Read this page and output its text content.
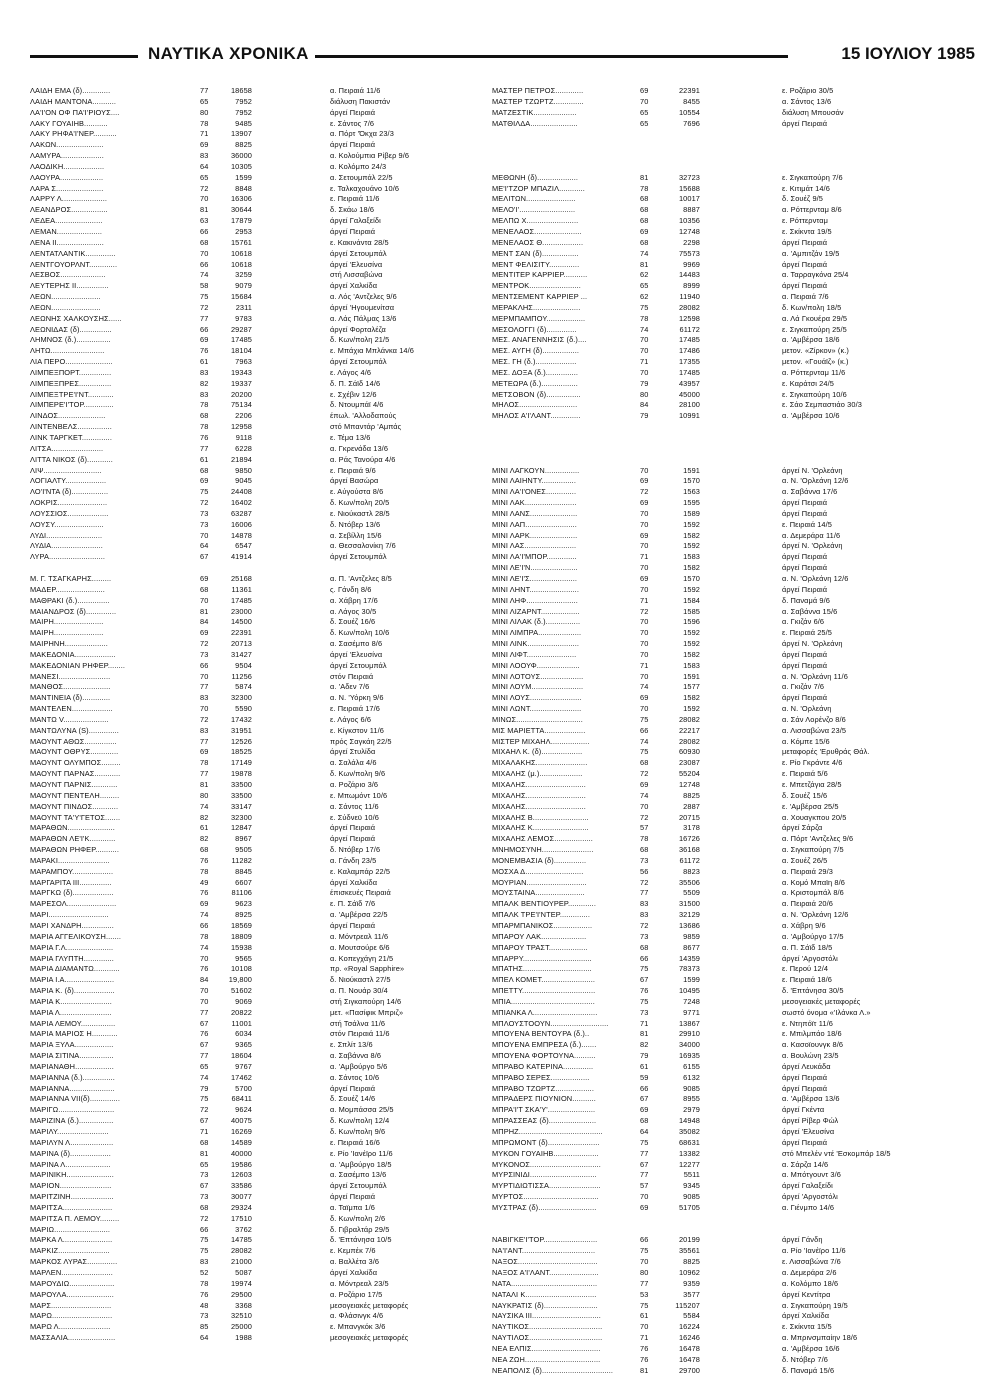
ΝΑΥΤΙΚΑ ΧΡΟΝΙΚΑ	15 ΙΟΥΛΙΟΥ 1985
ΛΑΙΔΗ ΕΜΑ (δ).............	77	18658	α. Πειραιά 11/6
ΛΑΙΔΗ ΜΑΝΤΟΝΑ...........	65	7952	διάλυση Πακιστάν
ΛΑ'Ι'ΟΝ ΟΦ ΠΑ'Ι'ΡΙΟΥΣ....	80	7952	άργεί Πειραιά
ΛΑΚΥ ΓΟΥΑΙΗΒ...........	78	9485	ε. Σάντος 7/6
ΛΑΚΥ ΡΗΦΑ'Ι'ΝΕΡ...........	71	13907	α. Πόρτ 'Όκχα 23/3
ΛΑΚΩΝ......................	69	8825	άργεί Πειραιά
ΛΑΜΥΡΑ....................	83	36000	α. Κολούμπια Ρίβερ 9/6
ΛΑΟΔΙΚΗ...................	64	10305	α. Κολόμπο 24/3
ΛΑΟΥΡΑ....................	65	1599	α. Σετουμπάλ 22/5
ΛΑΡΑ Σ......................	72	8848	ε. Ταλκαχουάνο 10/6
ΛΑΡΡΥ Λ.....................	70	16306	ε. Πειραιά 11/6
ΛΕΑΝΔΡΟΣ.................	81	30644	δ. Σκάω 18/6
ΛΕΔΕΑ......................	63	17879	άργεί Γαλαξείδι
ΛΕΜΑΝ.....................	66	2953	άργεί Πειραιά
ΛΕΝΑ ΙΙ......................	68	15761	ε. Κακινάντα 28/5
ΛΕΝΤΑΤΛΑΝΤΙΚ..............	70	10618	άργεί Σετουμπάλ
ΛΕΝΤΓΟΥΟΡΛΝΤ.............	66	10618	άργεί 'Ελευσίνα
ΛΕΣΒΟΣ.....................	74	3259	στή Λισσαβώνα
ΛΕΥΤΕΡΗΣ ΙΙ...............	58	9079	άργεί Χαλκίδα
ΛΕΩΝ.......................	75	15684	α. Λός 'Αντζελες 9/6
ΛΕΩΝ.......................	72	2311	άργεί 'Ηγουμενίτσα
ΛΕΩΝΗΣ ΧΑΛΚΟΥΣΗΣ......	77	9783	α. Λάς Πάλμας 13/6
ΛΕΩΝΙΔΑΣ (δ)...............	66	29287	άργεί Φορταλέζα
ΛΗΜΝΟΣ (δ.)................	69	17485	δ. Κων/πολη 21/5
ΛΗΤΩ.........................	76	18104	ε. Μπάχια Μπλάνκα 14/6
ΛΙΑ ΠΕΡΟ......................	61	7963	άργεί Σετουμπάλ
ΛΙΜΠΕΞΠΟΡΤ...............	83	19343	ε. Λάγος 4/6
ΛΙΜΠΕΞΠΡΕΣ...............	82	19337	δ. Π. Σάϊδ 14/6
ΛΙΜΠΕΞΤΡΕ'Ι'ΝΤ............	83	20200	ε. Σχέβιν 12/6
ΛΙΜΠΕΡΕ'Ι'ΤΟΡ..............	78	75134	δ. Ντουμπάϊ 4/6
ΛΙΝΔΟΣ......................	68	2206	έπωλ. 'Αλλοδαπούς
ΛΙΝΤΕΝΒΕΛΣ................	78	12958	στό Μπαντάρ 'Αμπάς
ΛΙΝΚ ΤΑΡΓΚΕΤ..............	76	9118	ε. Τέμα 13/6
ΛΙΤΣΑ........................	77	6228	α. Γκρενάδα 13/6
ΛΙΤΤΑ ΝΙΚΟΣ (δ)............	61	21894	α. Ράς Τανούρα 4/6
ΛΙΨ...........................	68	9850	ε. Πειραιά 9/6
ΛΟΓΙΑΛΤΥ...................	69	9045	άργεί Βασώρα
ΛΟ'Ι'ΝΤΑ (δ).................	75	24408	ε. Αύγούστα 8/6
ΛΟΚΡΙΣ.......................	72	16402	δ. Κων/πολη 20/5
ΛΟΥΣΣΙΟΣ...................	73	63287	ε. Νιούκαστλ 28/5
ΛΟΥΣΥ.......................	73	16006	δ. Ντόβερ 13/6
ΛΥΔΙ..........................	70	14878	α. Σεβίλλη 15/6
ΛΥΔΙΑ........................	64	6547	α. Θεσσαλονίκη 7/6
ΛΥΡΑ..........................	67	41914	άργεί Σετουμπάλ
Μ. Γ. ΤΣΑΓΚΑΡΗΣ.........	69	25168	α. Π. 'Αντζελες 8/5
ΜΑΔΕΡ.......................	68	11361	ς. Γάνδη 8/6
ΜΑΘΡΑΚΙ (δ.)...............	70	17485	α. Χάβρη 17/6
ΜΑΙΑΝΔΡΟΣ (δ)..............	81	23000	α. Λάγος 30/5
ΜΑΙΡΗ.......................	84	14500	δ. Σουέζ 16/6
ΜΑΙΡΗ.......................	69	22391	δ. Κων/πολη 10/6
ΜΑΙΡΗΝΗ....................	72	20713	α. Σασέμπο 8/6
ΜΑΚΕΔΟΝΙΑ...................	73	31427	άργεί 'Ελευσίνα
ΜΑΚΕΔΟΝΙΑΝ ΡΗΦΕΡ........	66	9504	άργεί Σετουμπάλ
ΜΑΝΕΣΙ........................	70	11256	στόν Πειραιά
ΜΑΝΘΟΣ......................	77	5874	α. 'Αδεν 7/6
ΜΑΝΤΙΝΕΙΑ (δ).............	83	32300	α. Ν. 'Υόρκη 9/6
ΜΑΝΤΕΛΕΝ...................	70	5590	ε. Πειραιά 17/6
ΜΑΝΤΩ V.....................	72	17432	ε. Λάγος 6/6
ΜΑΝΤΩΛΥΝΑ (S)..............	83	31951	ε. Κίγκστον 11/6
ΜΑΟΥΝΤ ΑΘΩΣ...............	77	12526	πρός Σαγκάη 22/5
ΜΑΟΥΝΤ ΟΘΡΥΣ.............	69	18525	άργεί Στυλίδα
ΜΑΟΥΝΤ ΟΛΥΜΠΟΣ.........	78	17149	α. Σαλάλα 4/6
ΜΑΟΥΝΤ ΠΑΡΝΑΣ............	77	19878	δ. Κων/πολη 9/6
ΜΑΟΥΝΤ ΠΑΡΝΙΣ............	81	33500	α. Ροζάριο 3/6
ΜΑΟΥΝΤ ΠΕΝΤΕΛΗ.........	80	33500	ε. Μπωμόντ 10/6
ΜΑΟΥΝΤ ΠΙΝΔΟΣ............	74	33147	α. Σάντος 11/6
ΜΑΟΥΝΤ ΤΑ'Υ'ΓΕΤΟΣ.......	82	32300	ε. Σύδνεϋ 10/6
ΜΑΡΑΘΩΝ......................	61	12847	άργεί Πειραιά
ΜΑΡΑΘΩΝ ΛΕ'Ι'Κ............	82	8967	άργεί Πειραιά
ΜΑΡΑΘΩΝ ΡΗΦΕΡ...........	68	9505	δ. Ντόβερ 17/6
ΜΑΡΑΚΙ........................	76	11282	α. Γάνδη 23/5
ΜΑΡΑΜΠΟΥ...................	78	8845	ε. Καλαμπάρ 22/5
ΜΑΡΓΑΡΙΤΑ ΙΙΙ...............	49	6607	άργεί Χαλκίδα
ΜΑΡΓΚΩ (δ)...................	76	81106	έπισκευές Πειραιά
ΜΑΡΕΣΟΛ.......................	69	9623	ε. Π. Σάϊδ 7/6
ΜΑΡΙ............................	74	8925	α. 'Αμβέρσα 22/5
ΜΑΡΙ ΧΑΝΔΡΗ...............	66	18569	άργεί Πειραιά
ΜΑΡΙΑ ΑΓΓΕΛΙΚΟΥΣΗ.......	78	18809	α. Μόντρεαλ 11/6
ΜΑΡΙΑ Γ.Λ......................	74	15938	α. Μουτσούρε 6/6
ΜΑΡΙΑ ΓΛΥΠΤΗ..............	70	9565	α. Κοπεγχάγη 21/5
ΜΑΡΙΑ ΔΙΑΜΑΝΤΩ............	76	10108	πρ. «Royal Sapphire»
ΜΑΡΙΑ Ι.Α.......................	84	19,800	δ. Νιούκαστλ 27/5
ΜΑΡΙΑ Κ. (δ)...................	70	51602	α. Π. Νουάρ 30/4
ΜΑΡΙΑ Κ........................	70	9069	στή Σιγκαπούρη 14/6
ΜΑΡΙΑ Λ........................	77	20822	μετ. «Πασίφικ Μπριζ»
ΜΑΡΙΑ ΛΕΜΟΥ................	67	11001	στή Τσάλνα 11/6
ΜΑΡΙΑ ΜΑΡΙΟΣ Η............	76	6034	στόν Πειραιά 11/6
ΜΑΡΙΑ ΞΥΛΑ..................	67	9365	ε. Σπλίτ 13/6
ΜΑΡΙΑ ΣΙΤΙΝΑ................	77	18604	α. Σαβάννα 8/6
ΜΑΡΙΑΝΑΘΗ..................	65	9767	α. 'Αμβούργο 5/6
ΜΑΡΙΑΝΝΑ (δ.)...............	74	17462	α. Σάντος 10/6
ΜΑΡΙΑΝΝΑ.....................	79	5700	άργεί Πειραιά
ΜΑΡΙΑΝΝΑ VII(δ)..............	75	68411	δ. Σουέζ 14/6
ΜΑΡΙΓΩ..........................	72	9624	α. Μομπάσσα 25/5
ΜΑΡΙΖΙΝΑ (δ.)................	67	40075	δ. Κων/πολη 12/4
ΜΑΡΙΛΥ........................	71	16269	δ. Κων/πολη 9/6
ΜΑΡΙΛΥΝ Λ....................	68	14589	ε. Πειραιά 16/6
ΜΑΡΙΝΑ (δ)...................	81	40000	ε. Ρίο 'Ιανέϊρο 11/6
ΜΑΡΙΝΑ Λ.....................	65	19586	α. 'Αμβούργο 18/5
ΜΑΡΙΝΙΚΗ......................	73	12603	α. Σασέμπο 13/6
ΜΑΡΙΟΝ........................	67	33586	άργεί Σετουμπάλ
ΜΑΡΙΤΖΙΝΗ....................	73	30077	άργεί Πειραιά
ΜΑΡΙΤΣΑ.......................	68	29324	α. Ταϊμπα 1/6
ΜΑΡΙΤΣΑ Π. ΛΕΜΟΥ.........	72	17510	δ. Κων/πολη 2/6
ΜΑΡΙΩ..........................	66	3762	δ. Γιβραλτάρ 29/5
ΜΑΡΚΑ Λ.......................	75	14785	δ. 'Επτάνησα 10/5
ΜΑΡΚΙΖ........................	75	28082	ε. Κεμπέκ 7/6
ΜΑΡΚΟΣ ΛΥΡΑΣ..............	83	21000	α. Βαλλέτα 3/6
ΜΑΡΛΕΝ........................	52	5087	άργεί Χαλκίδα
ΜΑΡΟΥΔΙΩ.....................	78	19974	α. Μόντρεαλ 23/5
ΜΑΡΟΥΛΑ......................	76	29500	α. Ροζάριο 17/5
ΜΑΡΣ............................	48	3368	μεσογειακές μεταφορές
ΜΑΡΩ............................	73	32510	α. Φλάσινγκ 4/6
ΜΑΡΩ Λ........................	85	25000	ε. Μπανγκόκ 3/6
ΜΑΣΣΑΛΙΑ......................	64	1988	μεσογειακές μεταφορές
ΜΑΣΤΕΡ ΠΕΤΡΟΣ.............	69	22391	ε. Ροζάριο 30/5
ΜΑΣΤΕΡ ΤΖΩΡΤΖ..............	70	8455	α. Σάντος 13/6
ΜΑΤΖΕΣΤΙΚ....................	65	10554	διάλυση Μπουσάν
ΜΑΤΘΙΛΔΑ......................	65	7696	άργεί Πειραιά
ΜΕΘΩΝΗ (δ)...................	81	32723	ε. Σιγκαπούρη 7/6
ΜΕ'Ι'ΤΖΟΡ ΜΠΑΖΙΛ............	78	15688	ε. Κιτιμάτ 14/6
ΜΕΛΙΤΩΝ.......................	68	10017	δ. Σουέζ 9/5
ΜΕΛΟ'Ι'..........................	68	8887	α. Ρόττερνταμ 8/6
ΜΕΛΠΩ Χ........................	68	10356	ε. Ρόττερνταμ
ΜΕΝΕΛΑΟΣ......................	69	12748	ε. Σκίκντα 19/5
ΜΕΝΕΛΑΟΣ Θ...................	68	2298	άργεί Πειραιά
ΜΕΝΤ ΣΑΝ (δ).................	74	75573	α. 'Αμπιτζάν 19/5
ΜΕΝΤ ΦΕΛΙΣΙΤΥ..............	81	9969	άργεί Πειραιά
ΜΕΝΤΙΤΕΡ ΚΑΡΡΙΕΡ...........	62	14483	α. Ταρραγκόνα 25/4
ΜΕΝΤΡΟΚ........................	65	8999	άργεί Πειραιά
ΜΕΝΤΣΕΜΕΝΤ ΚΑΡΡΙΕΡ ...	62	11940	α. Πειραιά 7/6
ΜΕΡΑΚΛΗΣ......................	75	28082	δ. Κων/πολη 18/5
ΜΕΡΜΠΑΜΠΟΥ..................	78	12598	α. Λά Γκουέρα 29/5
ΜΕΣΟΛΟΓΓΙ (δ)..............	74	61172	ε. Σιγκαπούρη 25/5
ΜΕΣ. ΑΝΑΓΕΝΝΗΣΙΣ (δ.)....	70	17485	α. 'Αμβέρσα 18/6
ΜΕΣ. ΑΥΓΗ (δ).................	70	17486	μετον. «Ζίρκον» (κ.)
ΜΕΣ. ΓΗ (δ.)...................	71	17355	μετον. «Γουάϊζ» (κ.)
ΜΕΣ. ΔΟΞΑ (δ.)...............	70	17485	α. Ρόττερνταμ 11/6
ΜΕΤΕΩΡΑ (δ.).................	79	43957	ε. Καράτσι 24/5
ΜΕΤΣΟΒΟΝ (δ)................	80	45000	ε. Σιγκαπούρη 10/6
ΜΗΛΟΣ...........................	84	28100	ε. Σάο Σεμπαστιάο 30/3
ΜΗΛΟΣ Α'Ι'ΛΑΝΤ..............	79	10991	α. 'Αμβέρσα 10/6
ΜΙΝΙ ΛΑΓΚΟΥΝ................	70	1591	άργεί Ν. 'Ορλεάνη
ΜΙΝΙ ΛΑΙΗΝΤΥ................	69	1570	α. Ν. 'Ορλεάνη 12/6
ΜΙΝΙ ΛΑ'Ι'ΟΝΕΣ..............	72	1563	α. Σαβάννα 17/6
ΜΙΝΙ ΛΑΚ........................	69	1595	άργεί Πειραιά
ΜΙΝΙ ΛΑΝΣ......................	70	1589	άργεί Πειραιά
ΜΙΝΙ ΛΑΠ........................	70	1592	ε. Πειραιά 14/5
ΜΙΝΙ ΛΑΡΚ......................	69	1582	α. Δεμεράρα 11/6
ΜΙΝΙ ΛΑΣ........................	70	1592	άργεί Ν. 'Ορλεάνη
ΜΙΝΙ ΛΑ'Ι'ΜΠΟΡ..............	71	1583	άργεί Πειραιά
ΜΙΝΙ ΛΕ'Ι'Ν......................	70	1582	άργεί Πειραιά
ΜΙΝΙ ΛΕ'Ι'Σ......................	69	1570	α. Ν. 'Ορλεάνη 12/6
ΜΙΝΙ ΛΗΝΤ.......................	70	1592	άργεί Πειραιά
ΜΙΝΙ ΛΗΦ........................	71	1584	δ. Παναμά 9/6
ΜΙΝΙ ΛΙΖΑΡΝΤ..................	72	1585	α. Σαβάννα 15/6
ΜΙΝΙ ΛΙΛΑΚ (δ.)................	70	1596	α. Γκιζάν 6/6
ΜΙΝΙ ΛΙΜΠΡΑ....................	70	1592	ε. Πειραιά 25/5
ΜΙΝΙ ΛΙΝΚ........................	70	1592	άργεί Ν. 'Ορλεάνη
ΜΙΝΙ ΛΙΦΤ.......................	70	1582	άργεί Πειραιά
ΜΙΝΙ ΛΟΟΥΦ....................	71	1583	άργεί Πειραιά
ΜΙΝΙ ΛΟΤΟΥΣ....................	70	1591	α. Ν. 'Ορλεάνη 11/6
ΜΙΝΙ ΛΟΥΜ........................	74	1577	α. Γκιζάν 7/6
ΜΙΝΙ ΛΟΥΣ........................	69	1582	άργεί Πειραιά
ΜΙΝΙ ΛΩΝΤ........................	70	1592	α. Ν. 'Ορλεάνη
ΜΙΝΩΣ...............................	75	28082	α. Σάν Λορένζο 8/6
ΜΙΣ ΜΑΡΙΕΤΤΑ...................	66	22217	α. Λισσαβώνα 23/5
ΜΙΣΤΕΡ ΜΙΧΑΗΛ..................	74	28082	α. Κόμπε 15/6
ΜΙΧΑΗΛ Κ. (δ)...................	75	60930	μεταφορές 'Ερυθράς Θάλ.
ΜΙΧΑΛΑΚΗΣ........................	68	23087	ε. Ρίο Γκράντε 4/6
ΜΙΧΑΛΗΣ (μ.)....................	72	55204	ε. Πειραιά 5/6
ΜΙΧΑΛΗΣ............................	69	12748	ε. Μπετζάγια 28/5
ΜΙΧΑΛΗΣ............................	74	8825	δ. Σουέζ 15/6
ΜΙΧΑΛΗΣ............................	70	2887	ε. 'Αμβέρσα 25/5
ΜΙΧΑΛΗΣ Β..........................	72	20715	α. Χουαγκπου 20/5
ΜΙΧΑΛΗΣ Κ..........................	57	3178	άργεί Σάρζα
ΜΙΧΑΛΗΣ ΛΕΜΟΣ..................	78	16726	α. Πόρτ 'Αντζελες 9/6
ΜΝΗΜΟΣΥΝΗ........................	68	36168	α. Σιγκαπούρη 7/5
ΜΟΝΕΜΒΑΣΙΑ (δ)...............	73	61172	α. Σουέζ 26/5
ΜΟΣΧΑ Δ...........................	56	8823	α. Πειραιά 29/3
ΜΟΥΡΙΑΝ............................	72	35506	α. Κομό Μπαϊη 8/6
ΜΟΥΣΤΑΙΝΑ.......................	77	5509	α. Κριστομπάλ 8/6
ΜΠΑΛΚ ΒΕΝΤΙΟΥΡΕΡ.............	83	31500	α. Πειραιά 20/6
ΜΠΑΛΚ ΤΡΕ'Ι'ΝΤΕΡ..............	83	32129	α. Ν. 'Ορλεάνη 12/6
ΜΠΑΡΜΠΑΝΙΚΟΣ..................	72	13686	α. Χάβρη 9/6
ΜΠΑΡΟΥ ΛΑΚ.....................	73	9859	α. 'Αμβούργο 17/5
ΜΠΑΡΟΥ ΤΡΑΣΤ..................	68	8677	α. Π. Σάϊδ 18/5
ΜΠΑΡΡΥ................................	66	14359	άργεί 'Αργοστόλι
ΜΠΑΤΗΣ................................	75	78373	ε. Περού 12/4
ΜΠΕΛ ΚΟΜΕΤ.........................	67	1599	ε. Πειραιά 18/6
ΜΠΕΤΤΥ..................................	76	10495	δ. 'Επτάνησα 30/5
ΜΠΙΑ.......................................	75	7248	μεσογειακές μεταφορές
ΜΠΙΑΝΚΑ Λ..............................	73	9771	σωστό όνομα «'Ιλάνκα Λ.»
ΜΠΛΟΥΣΤΟΟΥΝ...........................	71	13867	ε. Ντηπόϊτ 11/6
ΜΠΟΥΕΝΑ ΒΕΝΤΟΥΡΑ (δ.)..	81	29910	ε. Μπιλμπάο 18/6
ΜΠΟΥΕΝΑ ΕΜΠΡΕΣΑ (δ.).......	82	34000	α. Κασοϊουνγκ 8/6
ΜΠΟΥΕΝΑ ΦΟΡΤΟΥΝΑ..........	79	16935	α. Βουλώνη 23/5
ΜΠΡΑΒΟ ΚΑΤΕΡΙΝΑ..............	61	6155	άργεί Λευκάδα
ΜΠΡΑΒΟ ΣΕΡΕΣ..................	59	6132	άργεί Πειραιά
ΜΠΡΑΒΟ ΤΖΩΡΤΖ..................	66	9085	άργεί Πειραιά
ΜΠΡΑΔΕΡΣ ΠΙΟΥΝΙΟΝ...........	67	8955	α. 'Αμβέρσα 13/6
ΜΠΡΑ'Ι'Τ ΣΚΑ'Υ'......................	69	2979	άργεί Γκέντα
ΜΠΡΑΣΣΕΑΣ (δ)......................	68	14948	άργεί Ρίβερ Φώλ
ΜΠΡΗΖ.......................................	64	35082	άργεί 'Ελευσίνα
ΜΠΡΩΜΟΝΤ (δ)........................	75	68631	άργεί Πειραιά
ΜΥΚΟΝ ΓΟΥΑΙΗΒ.....................	77	13382	στό Μπελέν ντέ 'Εσκομπάρ 18/5
ΜΥΚΟΝΟΣ.................................	67	12277	α. Σάρζα 14/6
ΜΥΡΣΙΝΙΔΙ...............................	77	5511	α. Μπότγουντ 3/6
ΜΥΡΤΙΔΙΩΤΙΣΣΑ........................	57	9345	άργεί Γαλαξείδι
ΜΥΡΤΟΣ...................................	70	9085	άργεί 'Αργοστόλι
ΜΥΣΤΡΑΣ (δ)...........................	69	51705	α. Γιένμπο 14/6
ΝΑΒΙΓΚΕ'Ι'ΤΟΡ.........................	66	20199	άργεί Γάνδη
ΝΑ'Ι'ΑΝΤ..................................	75	35561	α. Ρίο 'Ιανέϊρο 11/6
ΝΑΞΟΣ.....................................	70	8825	ε. Λισσαβώνα 7/6
ΝΑΞΟΣ Α'Ι'ΛΑΝΤ.......................	80	10962	α. Δεμεράρα 2/6
ΝΑΤΑ........................................	77	9359	α. Κολόμπο 18/6
ΝΑΤΑΛΙ Κ.................................	53	3577	άργεί Κεντίτρα
ΝΑΥΚΡΑΤΙΣ (δ).........................	75	115207	α. Σιγκαπούρη 19/5
ΝΑΥΣΙΚΑ ΙΙΙ................................	61	5584	άργεί Χαλκίδα
ΝΑΥΤΙΚΟΣ..................................	70	16224	ε. Σκίκντα 15/5
ΝΑΥΤΙΛΟΣ..................................	71	16246	α. Μπρινσμπαίην 18/6
ΝΕΑ ΕΛΠΙΣ................................	76	16478	α. 'Αμβέρσα 16/6
ΝΕΑ ΖΩΗ...................................	76	16478	δ. Ντόβερ 7/6
ΝΕΑΠΟΛΙΣ (δ).................................	81	29700	δ. Παναμά 15/6
